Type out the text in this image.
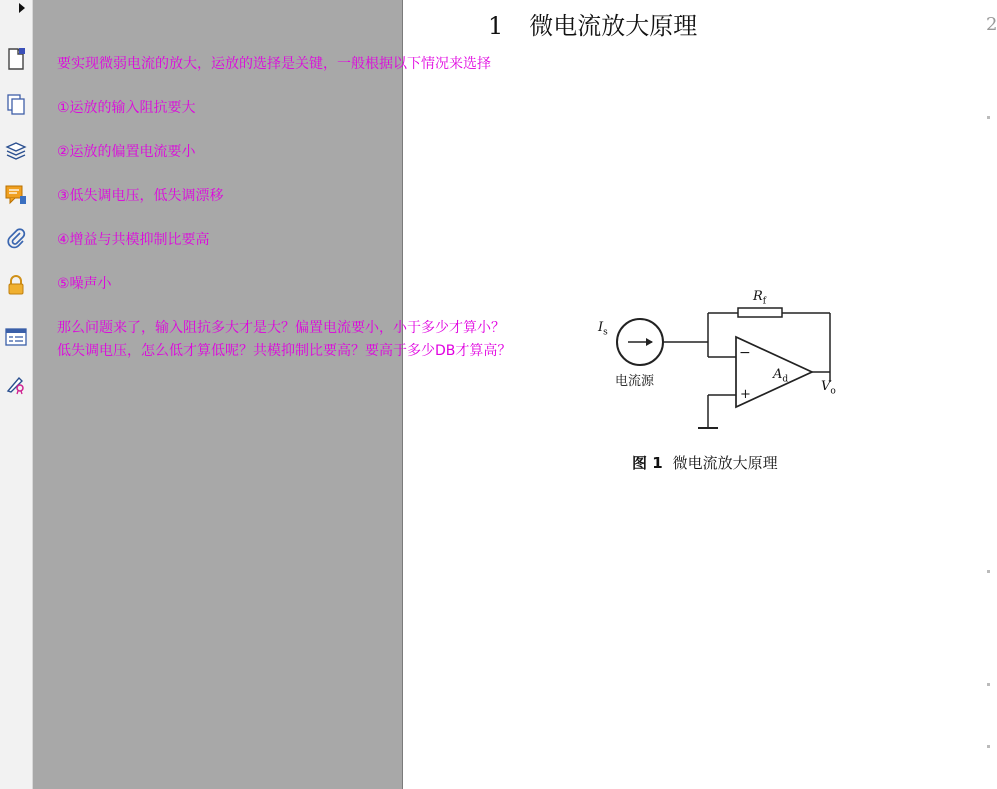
要实现微弱电流的放大，运放的选择是关键，一般根据以下情况来选择
①运放的输入阻抗要大
②运放的偏置电流要小
③低失调电压，低失调漂移
④增益与共模抑制比要高
⑤噪声小
那么问题来了，输入阻抗多大才是大？偏置电流要小，小于多少才算小？
低失调电压，怎么低才算低呢？共模抑制比要高？要高于多少DB才算高？
1 微电流放大原理
$R_f$
$I_s$
电流源
−
+
$A_d$	$V_o$
图 1 微电流放大原理
2
